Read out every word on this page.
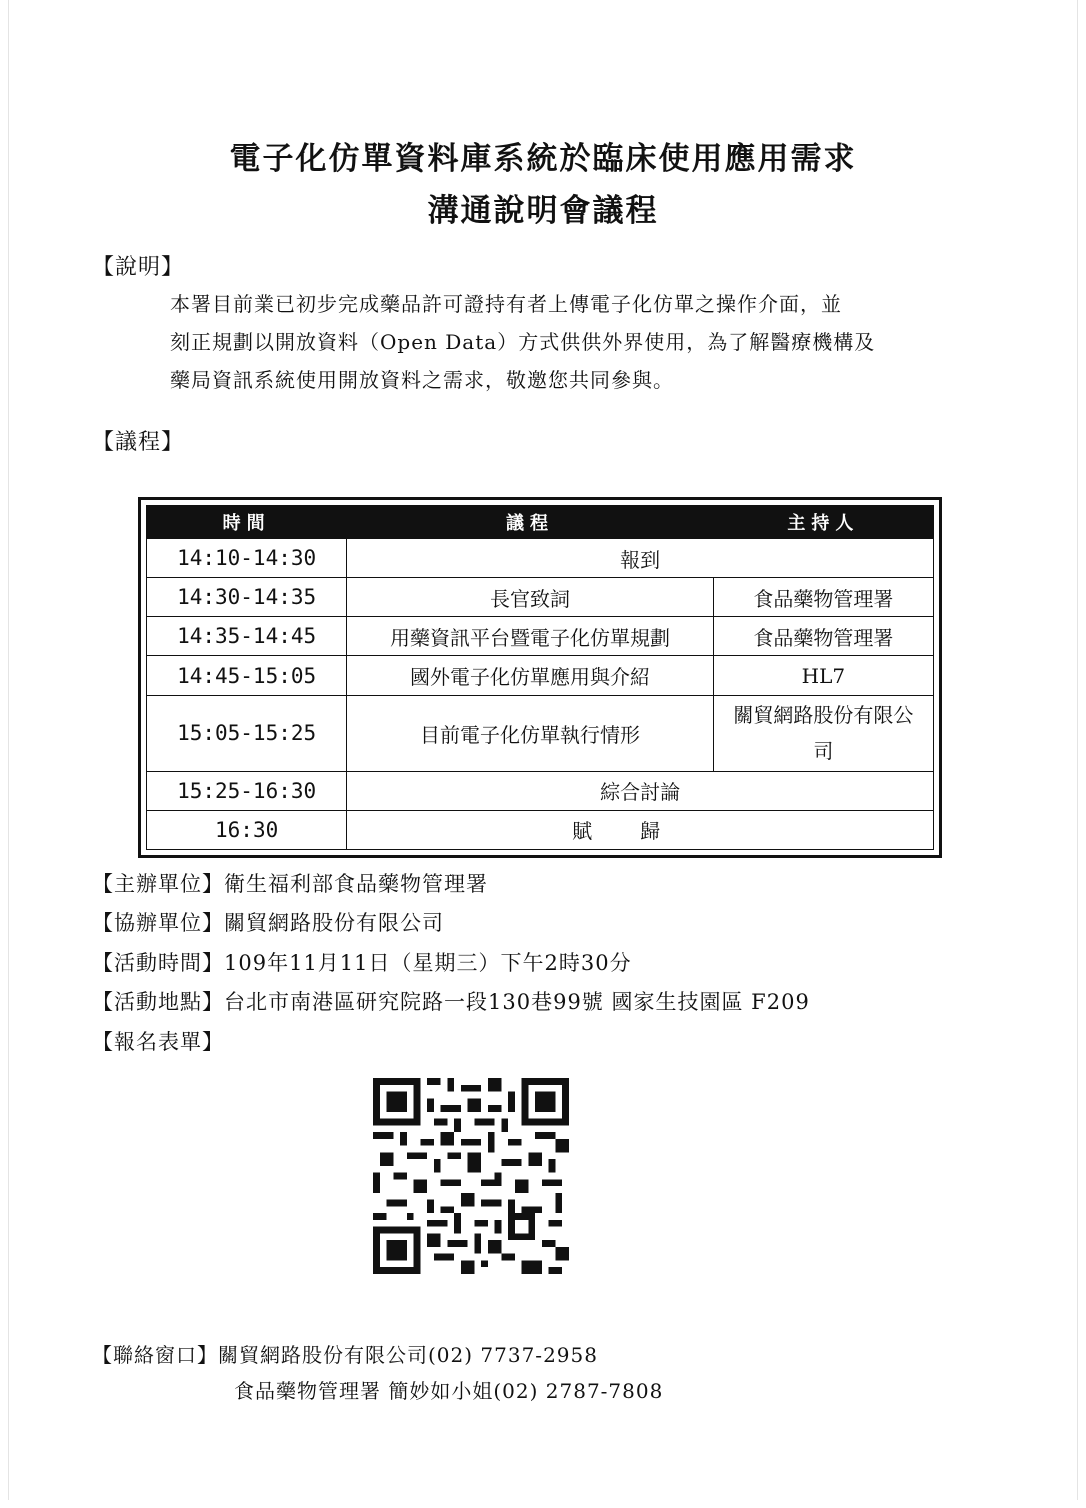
電子化仿單資料庫系統於臨床使用應用需求
溝通說明會議程
【說明】
本署目前業已初步完成藥品許可證持有者上傳電子化仿單之操作介面，並
刻正規劃以開放資料（Open Data）方式供供外界使用，為了解醫療機構及
藥局資訊系統使用開放資料之需求，敬邀您共同參與。
【議程】
時間	議程	主持人
14:10-14:30	報到	
14:30-14:35	長官致詞	食品藥物管理署
14:35-14:45	用藥資訊平台暨電子化仿單規劃	食品藥物管理署
14:45-15:05	國外電子化仿單應用與介紹	HL7
15:05-15:25	目前電子化仿單執行情形	關貿網路股份有限公司
15:25-16:30	綜合討論	
16:30	賦歸	
【主辦單位】衛生福利部食品藥物管理署
【協辦單位】關貿網路股份有限公司
【活動時間】109年11月11日（星期三）下午2時30分
【活動地點】台北市南港區研究院路一段130巷99號 國家生技園區 F209
【報名表單】
【聯絡窗口】關貿網路股份有限公司(02) 7737-2958
食品藥物管理署 簡妙如小姐(02) 2787-7808
